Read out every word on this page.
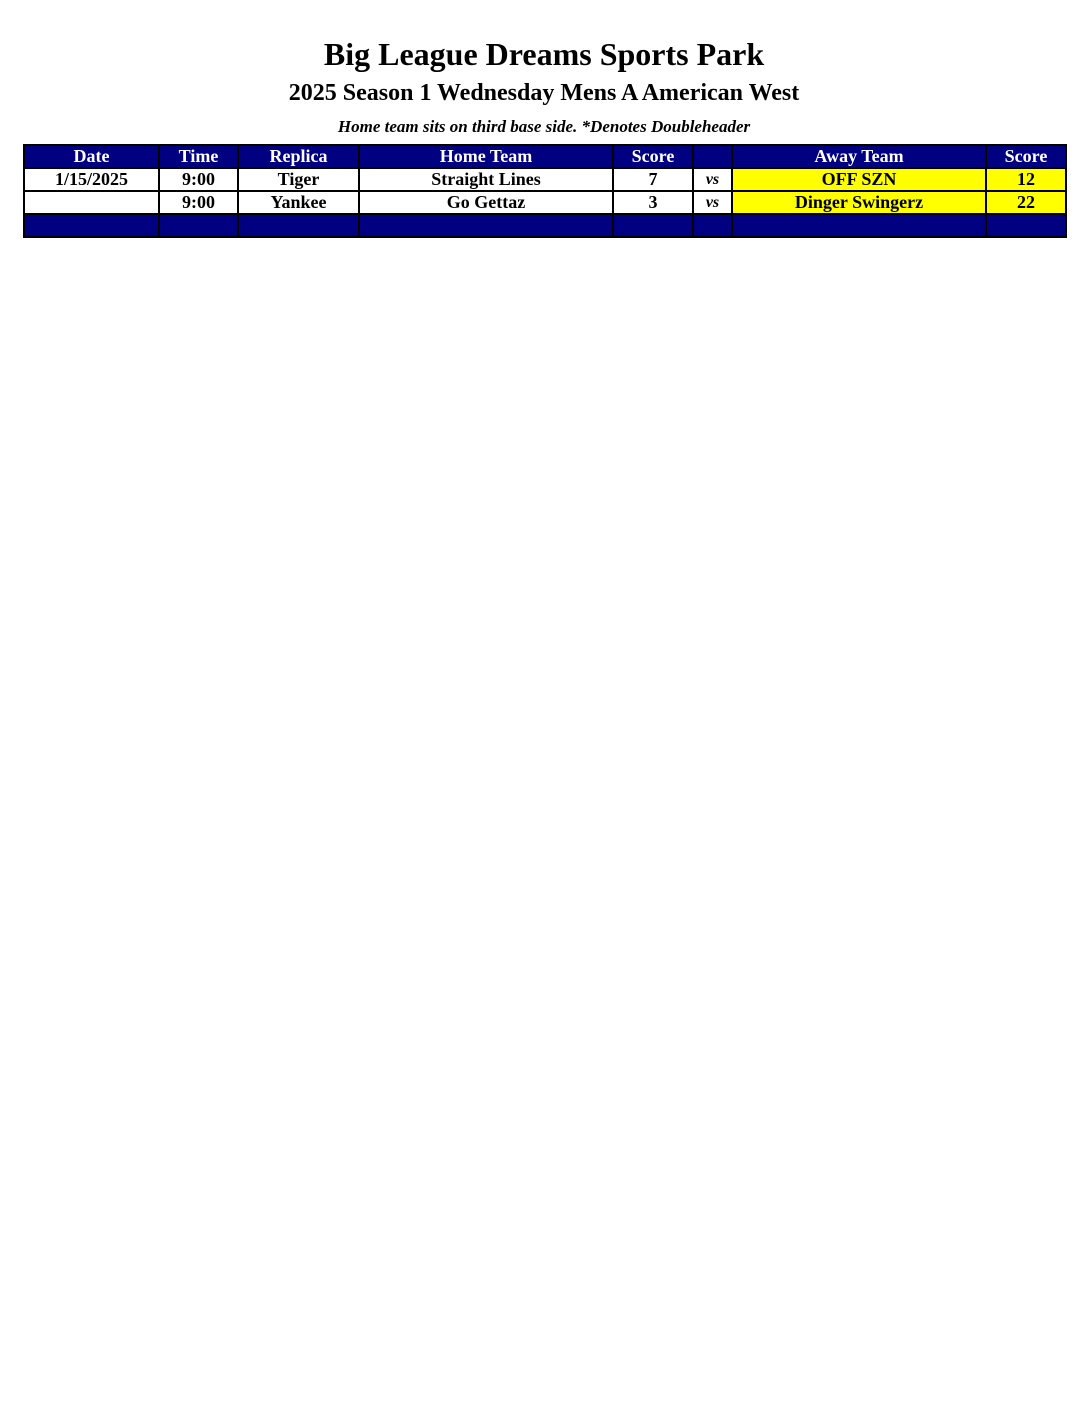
Big League Dreams Sports Park
2025 Season 1 Wednesday Mens A American West
Home team sits on third base side. *Denotes Doubleheader
Date	Time	Replica	Home Team	Score		Away Team	Score
1/15/2025	9:00	Tiger	Straight Lines	7	vs	OFF SZN	12
	9:00	Yankee	Go Gettaz	3	vs	Dinger Swingerz	22
